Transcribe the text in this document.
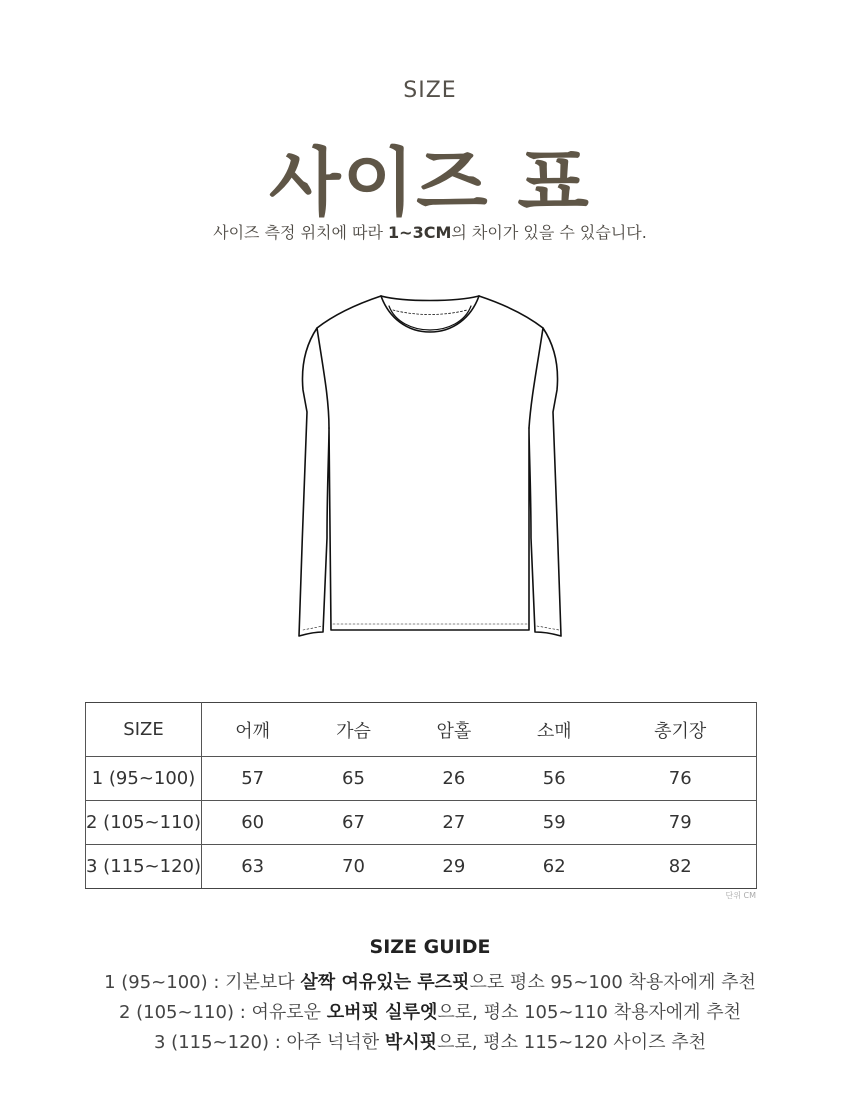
SIZE
사이즈 표
사이즈 측정 위치에 따라 1~3CM의 차이가 있을 수 있습니다.
SIZE	어깨	가슴	암홀	소매	총기장
1 (95~100)	57	65	26	56	76
2 (105~110)	60	67	27	59	79
3 (115~120)	63	70	29	62	82
단위 CM
SIZE GUIDE
1 (95~100) : 기본보다 살짝 여유있는 루즈핏으로 평소 95~100 착용자에게 추천
2 (105~110) : 여유로운 오버핏 실루엣으로, 평소 105~110 착용자에게 추천
3 (115~120) : 아주 넉넉한 박시핏으로, 평소 115~120 사이즈 추천
